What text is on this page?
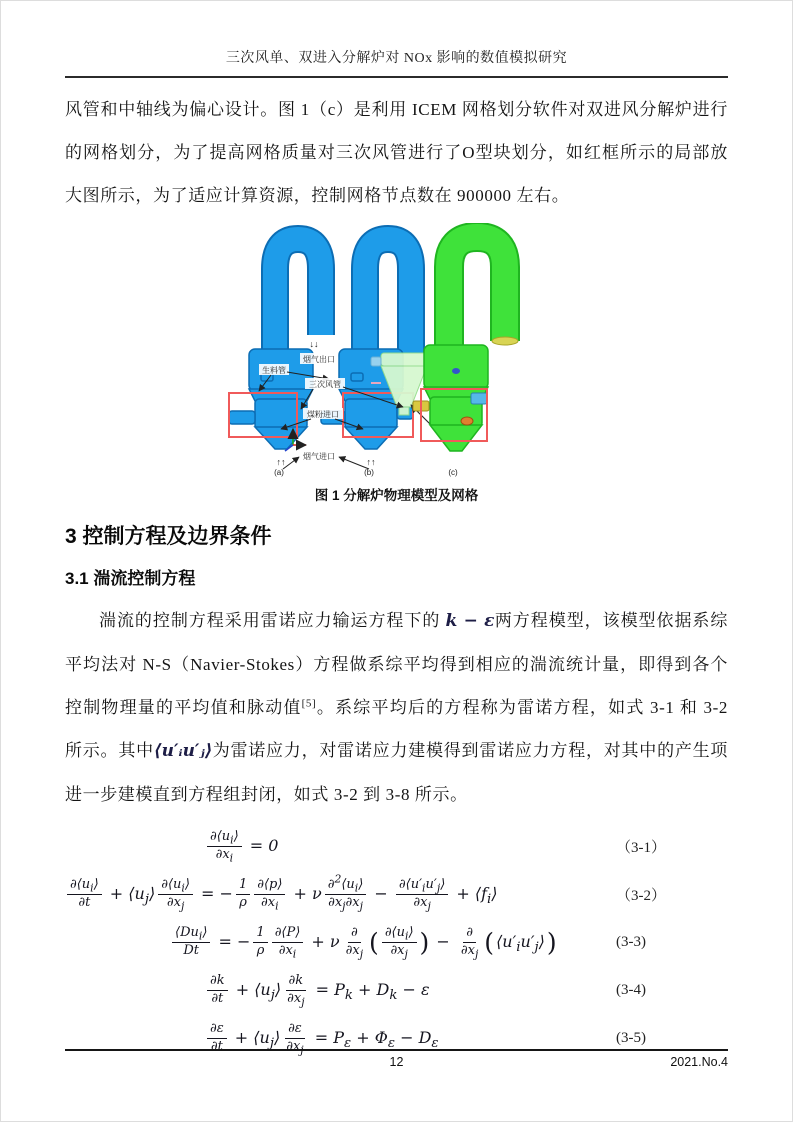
三次风单、双进入分解炉对 NOx 影响的数值模拟研究

风管和中轴线为偏心设计。图 1（c）是利用 ICEM 网格划分软件对双进风分解炉进行的网格划分，为了提高网格质量对三次风管进行了O型块划分，如红框所示的局部放大图所示，为了适应计算资源，控制网格节点数在 900000 左右。

↓↓
烟气出口
生料管
三次风管
煤粉进口
↑↑	↑↑
烟气进口
(a)	(b)	(c)
图 1 分解炉物理模型及网格
3 控制方程及边界条件
3.1 湍流控制方程

湍流的控制方程采用雷诺应力输运方程下的 k − ε两方程模型，该模型依据系综平均法对 N-S（Navier-Stokes）方程做系综平均得到相应的湍流统计量，即得到各个控制物理量的平均值和脉动值[5]。系综平均后的方程称为雷诺方程，如式 3-1 和 3-2 所示。其中⟨u′ᵢu′ⱼ⟩为雷诺应力，对雷诺应力建模得到雷诺应力方程，对其中的产生项进一步建模直到方程组封闭，如式 3-2 到 3-8 所示。

$\frac{\partial⟨u_i⟩}{\partial x_i} = 0$	（3-1）
$\frac{\partial⟨u_i⟩}{\partial t}$ + $⟨u_j⟩ \frac{\partial⟨u_i⟩}{\partial x_j}$ = − $\frac{1}{\rho} \frac{\partial⟨p⟩}{\partial x_i} + \nu \frac{\partial^2⟨u_i⟩}{\partial x_j\partial x_j} - \frac{\partial⟨u'_iu'_j⟩}{\partial x_j}$ + $⟨f_i⟩$	（3-2）
$\frac{⟨Du_i⟩}{Dt}$ = − $\frac{1}{\rho} \frac{\partial⟨P⟩}{\partial x_i} + \nu \frac{\partial}{\partial x_j}$ ( $\frac{\partial⟨u_i⟩}{\partial x_j}$ ) − $\frac{\partial}{\partial x_j}$ ( $⟨u'_iu'_j⟩$)	(3-3)
$\frac{\partial k}{\partial t}$ + $⟨u_j⟩ \frac{\partial k}{\partial x_j} = P_k + D_k - \varepsilon$	(3-4)
$\frac{\partial\varepsilon}{\partial t}$ + $⟨u_j⟩ \frac{\partial\varepsilon}{\partial x_j} = P_\varepsilon + \Phi_\varepsilon - D_\varepsilon$	(3-5)
12	2021.No.4
